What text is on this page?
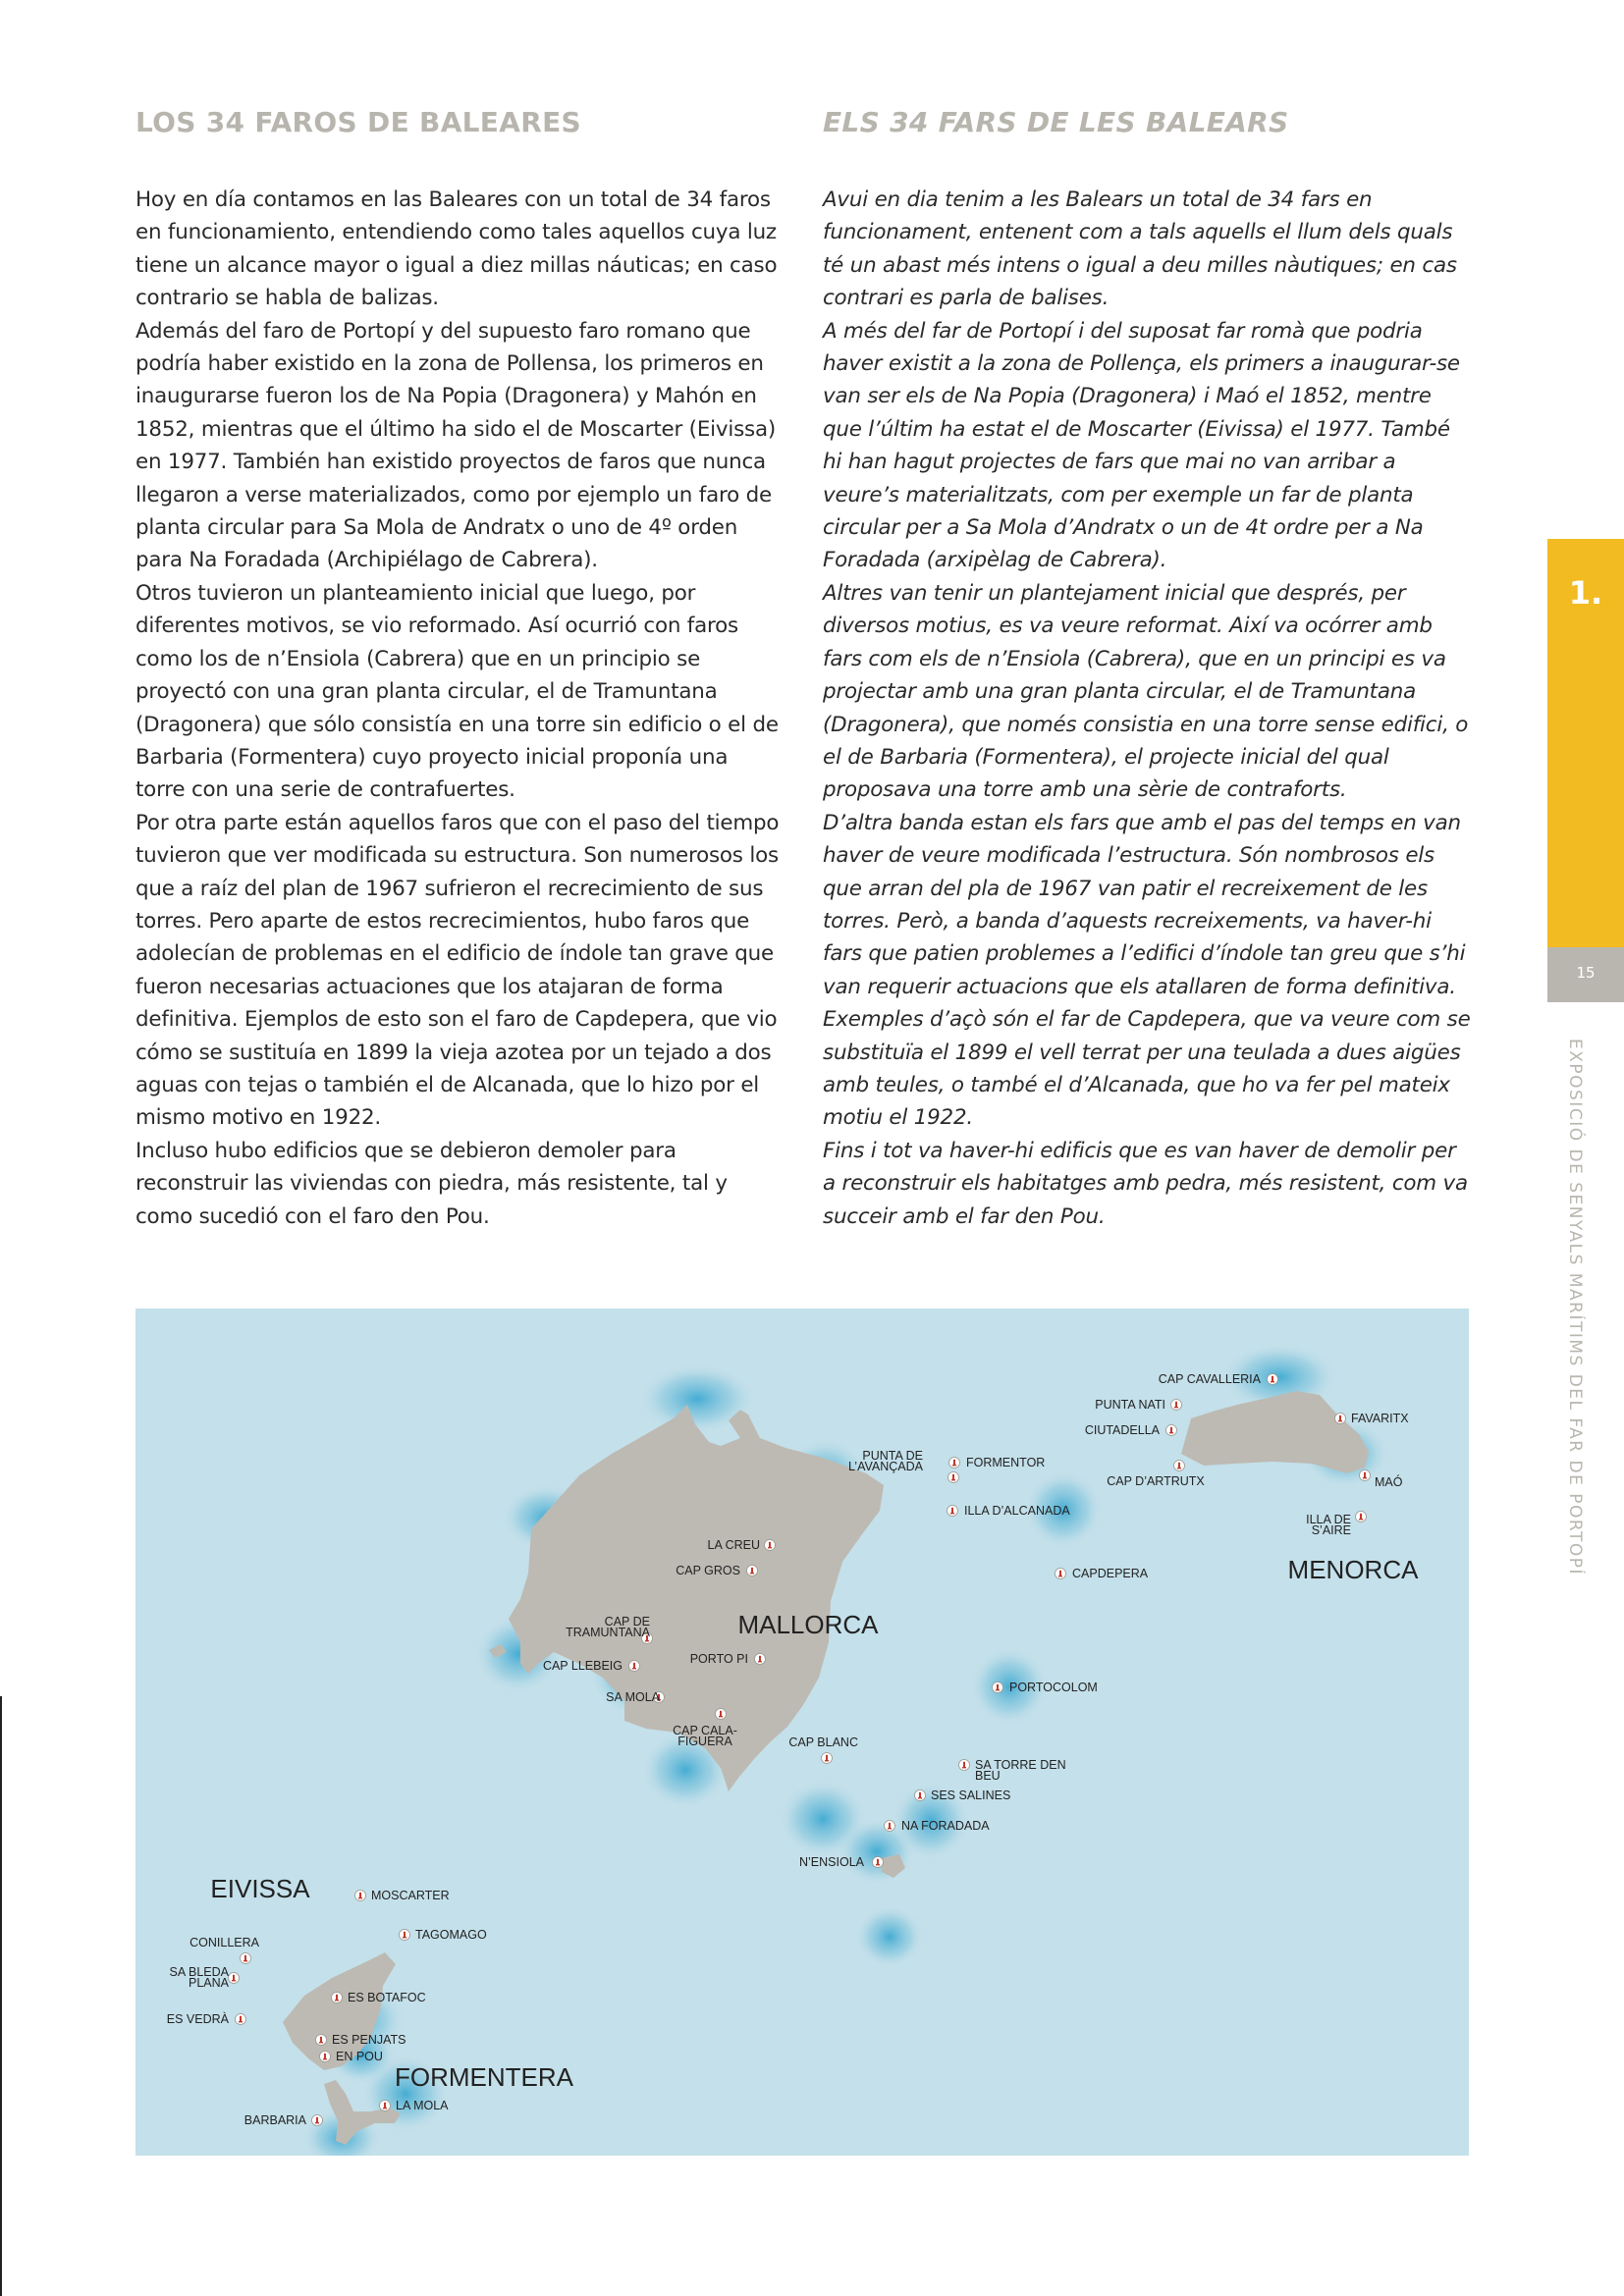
LOS 34 FAROS DE BALEARES

Hoy en día contamos en las Baleares con un total de 34 faros en funcionamiento, entendiendo como tales aquellos cuya luz tiene un alcance mayor o igual a diez millas náuticas; en caso contrario se habla de balizas.

Además del faro de Portopí y del supuesto faro romano que podría haber existido en la zona de Pollensa, los primeros en inaugurarse fueron los de Na Popia (Dragonera) y Mahón en 1852, mientras que el último ha sido el de Moscarter (Eivissa) en 1977. También han existido proyectos de faros que nunca llegaron a verse materializados, como por ejemplo un faro de planta circular para Sa Mola de Andratx o uno de 4º orden para Na Foradada (Archipiélago de Cabrera).

Otros tuvieron un planteamiento inicial que luego, por diferentes motivos, se vio reformado. Así ocurrió con faros como los de n’Ensiola (Cabrera) que en un principio se proyectó con una gran planta circular, el de Tramuntana (Dragonera) que sólo consistía en una torre sin edificio o el de Barbaria (Formentera) cuyo proyecto inicial proponía una torre con una serie de contrafuertes.

Por otra parte están aquellos faros que con el paso del tiempo tuvieron que ver modificada su estructura. Son numerosos los que a raíz del plan de 1967 sufrieron el recrecimiento de sus torres. Pero aparte de estos recrecimientos, hubo faros que adolecían de problemas en el edificio de índole tan grave que fueron necesarias actuaciones que los atajaran de forma definitiva. Ejemplos de esto son el faro de Capdepera, que vio cómo se sustituía en 1899 la vieja azotea por un tejado a dos aguas con tejas o también el de Alcanada, que lo hizo por el mismo motivo en 1922.

Incluso hubo edificios que se debieron demoler para reconstruir las viviendas con piedra, más resistente, tal y como sucedió con el faro den Pou.

ELS 34 FARS DE LES BALEARS

Avui en dia tenim a les Balears un total de 34 fars en funcionament, entenent com a tals aquells el llum dels quals té un abast més intens o igual a deu milles nàutiques; en cas contrari es parla de balises.

A més del far de Portopí i del suposat far romà que podria haver existit a la zona de Pollença, els primers a inaugurar-se van ser els de Na Popia (Dragonera) i Maó el 1852, mentre que l’últim ha estat el de Moscarter (Eivissa) el 1977. També hi han hagut projectes de fars que mai no van arribar a veure’s materialitzats, com per exemple un far de planta circular per a Sa Mola d’Andratx o un de 4t ordre per a Na Foradada (arxipèlag de Cabrera).

Altres van tenir un plantejament inicial que després, per diversos motius, es va veure reformat. Així va ocórrer amb fars com els de n’Ensiola (Cabrera), que en un principi es va projectar amb una gran planta circular, el de Tramuntana (Dragonera), que només consistia en una torre sense edifici, o el de Barbaria (Formentera), el projecte inicial del qual proposava una torre amb una sèrie de contraforts.

D’altra banda estan els fars que amb el pas del temps en van haver de veure modificada l’estructura. Són nombrosos els que arran del pla de 1967 van patir el recreixement de les torres. Però, a banda d’aquests recreixements, va haver-hi fars que patien problemes a l’edifici d’índole tan greu que s’hi van requerir actuacions que els atallaren de forma definitiva. Exemples d’açò són el far de Capdepera, que va veure com se substituïa el 1899 el vell terrat per una teulada a dues aigües amb teules, o també el d’Alcanada, que ho va fer pel mateix motiu el 1922.

Fins i tot va haver-hi edificis que es van haver de demolir per a reconstruir els habitatges amb pedra, més resistent, com va succeir amb el far den Pou.

1.
15
EXPOSICIÓ DE SENYALS MARÍTIMS DEL FAR DE PORTOPÍ
MALLORCA
MENORCA
EIVISSA
FORMENTERA
CAP CAVALLERIA
PUNTA NATI
CIUTADELLA
FAVARITX
CAP D’ARTRUTX	MAÓ
ILLA DE
S’AIRE
PUNTA DE
L’AVANÇADA	FORMENTOR
ILLA D’ALCANADA
LA CREU
CAP GROS	CAPDEPERA
CAP DE
TRAMUNTANA
CAP LLEBEIG	PORTO PI
SA MOLA
PORTOCOLOM
CAP CALA-
FIGUERA	CAP BLANC
SA TORRE DEN
BEU
SES SALINES
NA FORADADA
N’ENSIOLA
MOSCARTER
TAGOMAGO
CONILLERA
SA BLEDA
PLANA
ES BOTAFOC
ES VEDRÀ
ES PENJATS
EN POU
LA MOLA
BARBARIA
